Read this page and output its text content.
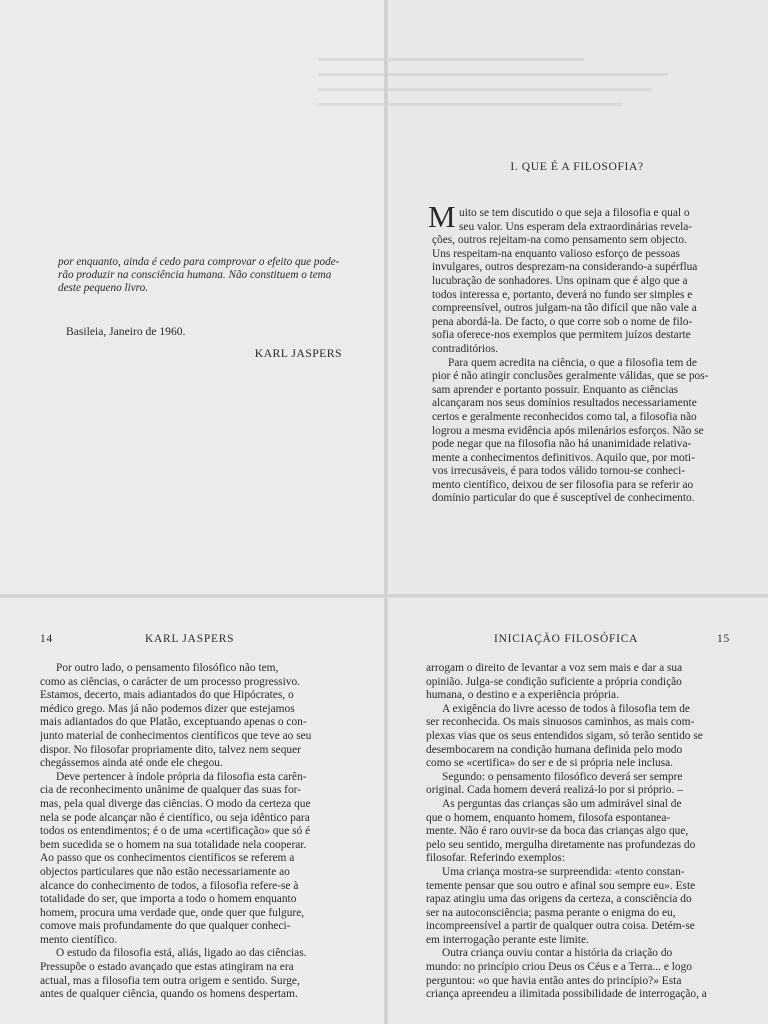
por enquanto, ainda é cedo para comprovar o efeito que pode-
rão produzir na consciência humana. Não constituem o tema
deste pequeno livro.

Basileia, Janeiro de 1960.

KARL JASPERS

I. QUE É A FILOSOFIA?
M uito se tem discutido o que seja a filosofia e qual o
seu valor. Uns esperam dela extraordinárias revela-
ções, outros rejeitam-na como pensamento sem objecto.
Uns respeitam-na enquanto valioso esforço de pessoas
invulgares, outros desprezam-na considerando-a supérflua
lucubração de sonhadores. Uns opinam que é algo que a
todos interessa e, portanto, deverá no fundo ser simples e
compreensível, outros julgam-na tão difícil que não vale a
pena abordá-la. De facto, o que corre sob o nome de filo-
sofia oferece-nos exemplos que permitem juízos destarte
contraditórios.
Para quem acredita na ciência, o que a filosofia tem de
pior é não atingir conclusões geralmente válidas, que se pos-
sam aprender e portanto possuir. Enquanto as ciências
alcançaram nos seus domínios resultados necessariamente
certos e geralmente reconhecidos como tal, a filosofia não
logrou a mesma evidência após milenários esforços. Não se
pode negar que na filosofia não há unanimidade relativa-
mente a conhecimentos definitivos. Aquilo que, por moti-
vos irrecusáveis, é para todos válido tornou-se conheci-
mento científico, deixou de ser filosofia para se referir ao
domínio particular do que é susceptível de conhecimento.
14	KARL JASPERS
Por outro lado, o pensamento filosófico não tem,
como as ciências, o carácter de um processo progressivo.
Estamos, decerto, mais adiantados do que Hipócrates, o
médico grego. Mas já não podemos dizer que estejamos
mais adiantados do que Platão, exceptuando apenas o con-
junto material de conhecimentos científicos que teve ao seu
dispor. No filosofar propriamente dito, talvez nem sequer
chegássemos ainda até onde ele chegou.
Deve pertencer à índole própria da filosofia esta carên-
cia de reconhecimento unânime de qualquer das suas for-
mas, pela qual diverge das ciências. O modo da certeza que
nela se pode alcançar não é científico, ou seja idêntico para
todos os entendimentos; é o de uma «certificação» que só é
bem sucedida se o homem na sua totalidade nela cooperar.
Ao passo que os conhecimentos científicos se referem a
objectos particulares que não estão necessariamente ao
alcance do conhecimento de todos, a filosofia refere-se à
totalidade do ser, que importa a todo o homem enquanto
homem, procura uma verdade que, onde quer que fulgure,
comove mais profundamente do que qualquer conheci-
mento científico.
O estudo da filosofia está, aliás, ligado ao das ciências.
Pressupõe o estado avançado que estas atingiram na era
actual, mas a filosofia tem outra origem e sentido. Surge,
antes de qualquer ciência, quando os homens despertam.
INICIAÇÃO FILOSÓFICA	15
arrogam o direito de levantar a voz sem mais e dar a sua
opinião. Julga-se condição suficiente a própria condição
humana, o destino e a experiência própria.
A exigência do livre acesso de todos à filosofia tem de
ser reconhecida. Os mais sinuosos caminhos, as mais com-
plexas vias que os seus entendidos sigam, só terão sentido se
desembocarem na condição humana definida pelo modo
como se «certifica» do ser e de si própria nele inclusa.
Segundo: o pensamento filosófico deverá ser sempre
original. Cada homem deverá realizá-lo por si próprio. –
As perguntas das crianças são um admirável sinal de
que o homem, enquanto homem, filosofa espontanea-
mente. Não é raro ouvir-se da boca das crianças algo que,
pelo seu sentido, mergulha diretamente nas profundezas do
filosofar. Referindo exemplos:
Uma criança mostra-se surpreendida: «tento constan-
temente pensar que sou outro e afinal sou sempre eu». Este
rapaz atingiu uma das origens da certeza, a consciência do
ser na autoconsciência; pasma perante o enigma do eu,
incompreensível a partir de qualquer outra coisa. Detém-se
em interrogação perante este limite.
Outra criança ouviu contar a história da criação do
mundo: no princípio criou Deus os Céus e a Terra... e logo
perguntou: «o que havia então antes do princípio?» Esta
criança apreendeu a ilimitada possibilidade de interrogação, a
